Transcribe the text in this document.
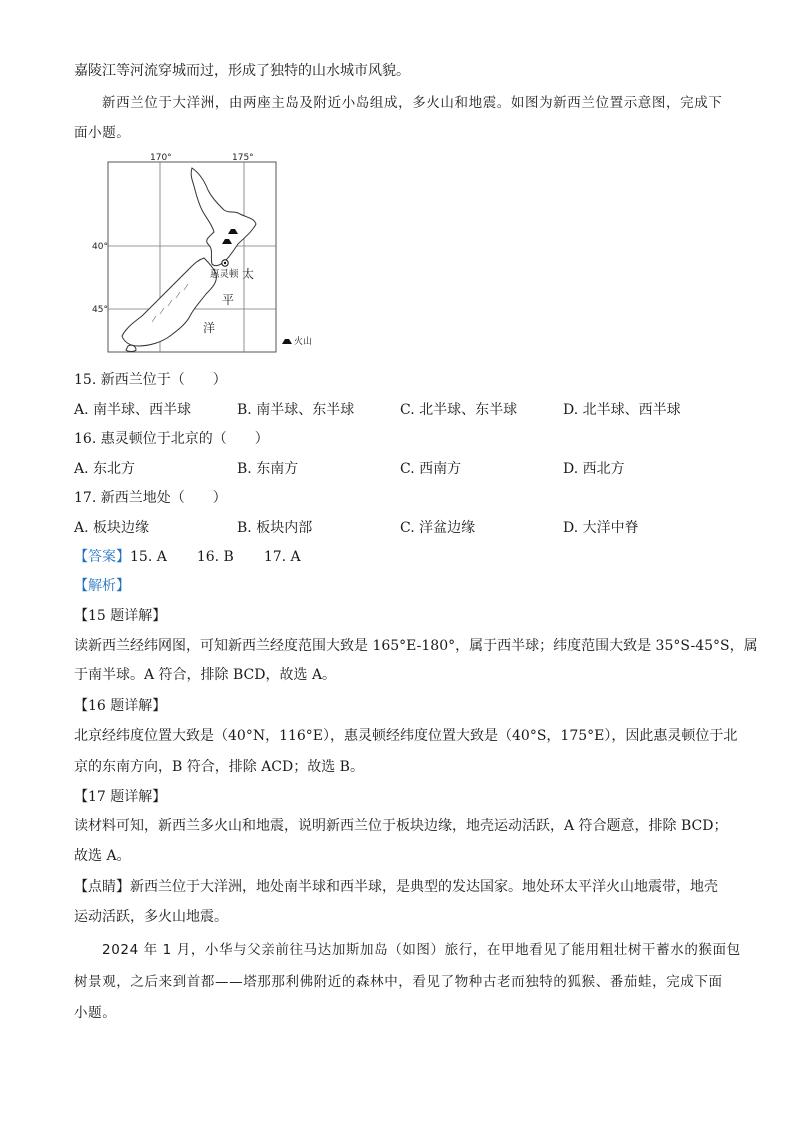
嘉陵江等河流穿城而过，形成了独特的山水城市风貌。
新西兰位于大洋洲，由两座主岛及附近小岛组成，多火山和地震。如图为新西兰位置示意图，完成下
面小题。
170°	175°
40°
45°
惠灵顿 太
平
洋
火山
15. 新西兰位于（　　）
A. 南半球、西半球	B. 南半球、东半球	C. 北半球、东半球	D. 北半球、西半球
16. 惠灵顿位于北京的（　　）
A. 东北方	B. 东南方	C. 西南方	D. 西北方
17. 新西兰地处（　　）
A. 板块边缘	B. 板块内部	C. 洋盆边缘	D. 大洋中脊
【答案】15. A 16. B 17. A
【解析】
【15 题详解】
读新西兰经纬网图，可知新西兰经度范围大致是 165°E-180°，属于西半球；纬度范围大致是 35°S-45°S，属
于南半球。A 符合，排除 BCD，故选 A。
【16 题详解】
北京经纬度位置大致是（40°N，116°E），惠灵顿经纬度位置大致是（40°S，175°E），因此惠灵顿位于北
京的东南方向，B 符合，排除 ACD；故选 B。
【17 题详解】
读材料可知，新西兰多火山和地震，说明新西兰位于板块边缘，地壳运动活跃，A 符合题意，排除 BCD；
故选 A。
【点睛】新西兰位于大洋洲，地处南半球和西半球，是典型的发达国家。地处环太平洋火山地震带，地壳
运动活跃，多火山地震。
2024 年 1 月，小华与父亲前往马达加斯加岛（如图）旅行，在甲地看见了能用粗壮树干蓄水的猴面包
树景观，之后来到首都——塔那那利佛附近的森林中，看见了物种古老而独特的狐猴、番茄蛙，完成下面
小题。
